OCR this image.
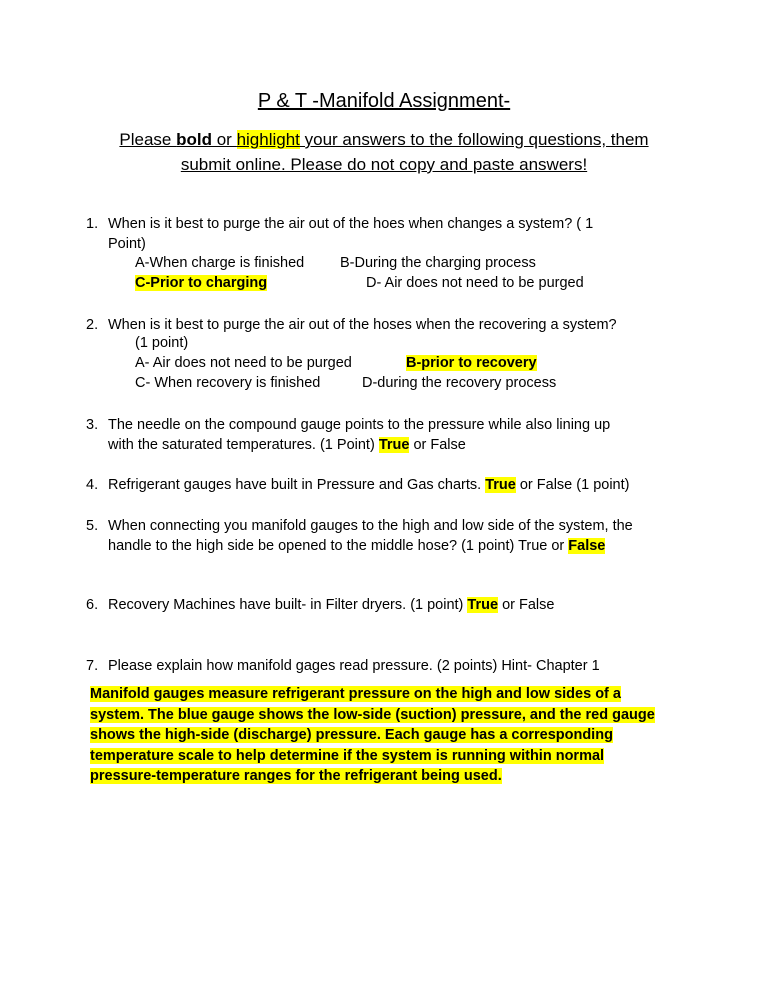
P & T -Manifold Assignment-
Please bold or highlight your answers to the following questions, them
submit online. Please do not copy and paste answers!
1. When is it best to purge the air out of the hoes when changes a system? ( 1
Point)
A-When charge is finished B-During the charging process
C-Prior to charging	D- Air does not need to be purged
2. When is it best to purge the air out of the hoses when the recovering a system?
(1 point)
A- Air does not need to be purged	B-prior to recovery
C- When recovery is finished	D-during the recovery process
3. The needle on the compound gauge points to the pressure while also lining up
with the saturated temperatures. (1 Point) True or False
4. Refrigerant gauges have built in Pressure and Gas charts. True or False (1 point)
5. When connecting you manifold gauges to the high and low side of the system, the
handle to the high side be opened to the middle hose? (1 point) True or False
6. Recovery Machines have built- in Filter dryers. (1 point) True or False
7. Please explain how manifold gages read pressure. (2 points) Hint- Chapter 1
Manifold gauges measure refrigerant pressure on the high and low sides of a
system. The blue gauge shows the low-side (suction) pressure, and the red gauge
shows the high-side (discharge) pressure. Each gauge has a corresponding
temperature scale to help determine if the system is running within normal
pressure-temperature ranges for the refrigerant being used.
